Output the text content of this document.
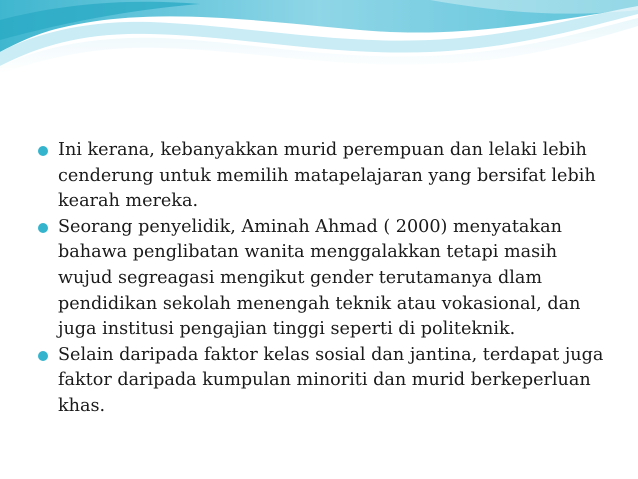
Ini kerana, kebanyakkan murid perempuan dan lelaki lebih cenderung untuk memilih matapelajaran yang bersifat lebih kearah mereka.
Seorang penyelidik, Aminah Ahmad ( 2000) menyatakan bahawa penglibatan wanita menggalakkan tetapi masih wujud segreagasi mengikut gender terutamanya dlam pendidikan sekolah menengah teknik atau vokasional, dan juga institusi pengajian tinggi seperti di politeknik.
Selain daripada faktor kelas sosial dan jantina, terdapat juga faktor daripada kumpulan minoriti dan murid berkeperluan khas.
